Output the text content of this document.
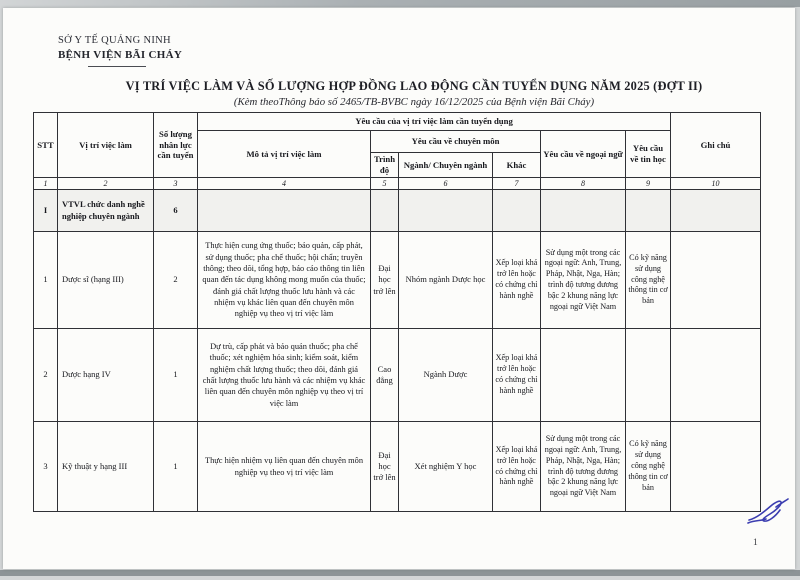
SỞ Y TẾ QUẢNG NINH
BỆNH VIỆN BÃI CHÁY
VỊ TRÍ VIỆC LÀM VÀ SỐ LƯỢNG HỢP ĐỒNG LAO ĐỘNG CẦN TUYỂN DỤNG NĂM 2025 (ĐỢT II)
(Kèm theoThông báo số 2465/TB-BVBC ngày 16/12/2025 của Bệnh viện Bãi Cháy)
STT	Vị trí việc làm	Số lượng nhân lực cần tuyển	Yêu cầu của vị trí việc làm cần tuyển dụng						Ghi chú
			Mô tả vị trí việc làm	Yêu cầu về chuyên môn			Yêu cầu về ngoại ngữ	Yêu cầu về tin học	
				Trình độ	Ngành/ Chuyên ngành	Khác			
1	2	3	4	5	6	7	8	9	10
I	VTVL chức danh nghề nghiệp chuyên ngành	6							
1	Dược sĩ (hạng III)	2	Thực hiện cung ứng thuốc; bảo quản, cấp phát, sử dụng thuốc; pha chế thuốc; hội chẩn; truyền thông; theo dõi, tổng hợp, báo cáo thông tin liên quan đến tác dụng không mong muốn của thuốc; đánh giá chất lượng thuốc lưu hành và các nhiệm vụ khác liên quan đến chuyên môn nghiệp vụ theo vị trí việc làm	Đại học trở lên	Nhóm ngành Dược học	Xếp loại khá trở lên hoặc có chứng chỉ hành nghề	Sử dụng một trong các ngoại ngữ: Anh, Trung, Pháp, Nhật, Nga, Hàn; trình độ tương đương bậc 2 khung năng lực ngoại ngữ Việt Nam	Có kỹ năng sử dụng công nghệ thông tin cơ bản	
2	Dược hạng IV	1	Dự trù, cấp phát và bảo quản thuốc; pha chế thuốc; xét nghiệm hóa sinh; kiểm soát, kiểm nghiệm chất lượng thuốc; theo dõi, đánh giá chất lượng thuốc lưu hành và các nhiệm vụ khác liên quan đến chuyên môn nghiệp vụ theo vị trí việc làm	Cao đẳng	Ngành Dược	Xếp loại khá trở lên hoặc có chứng chỉ hành nghề			
3	Kỹ thuật y hạng III	1	Thực hiện nhiệm vụ liên quan đến chuyên môn nghiệp vụ theo vị trí việc làm	Đại học trở lên	Xét nghiệm Y học	Xếp loại khá trở lên hoặc có chứng chỉ hành nghề	Sử dụng một trong các ngoại ngữ: Anh, Trung, Pháp, Nhật, Nga, Hàn; trình độ tương đương bậc 2 khung năng lực ngoại ngữ Việt Nam	Có kỹ năng sử dụng công nghệ thông tin cơ bản	
1
